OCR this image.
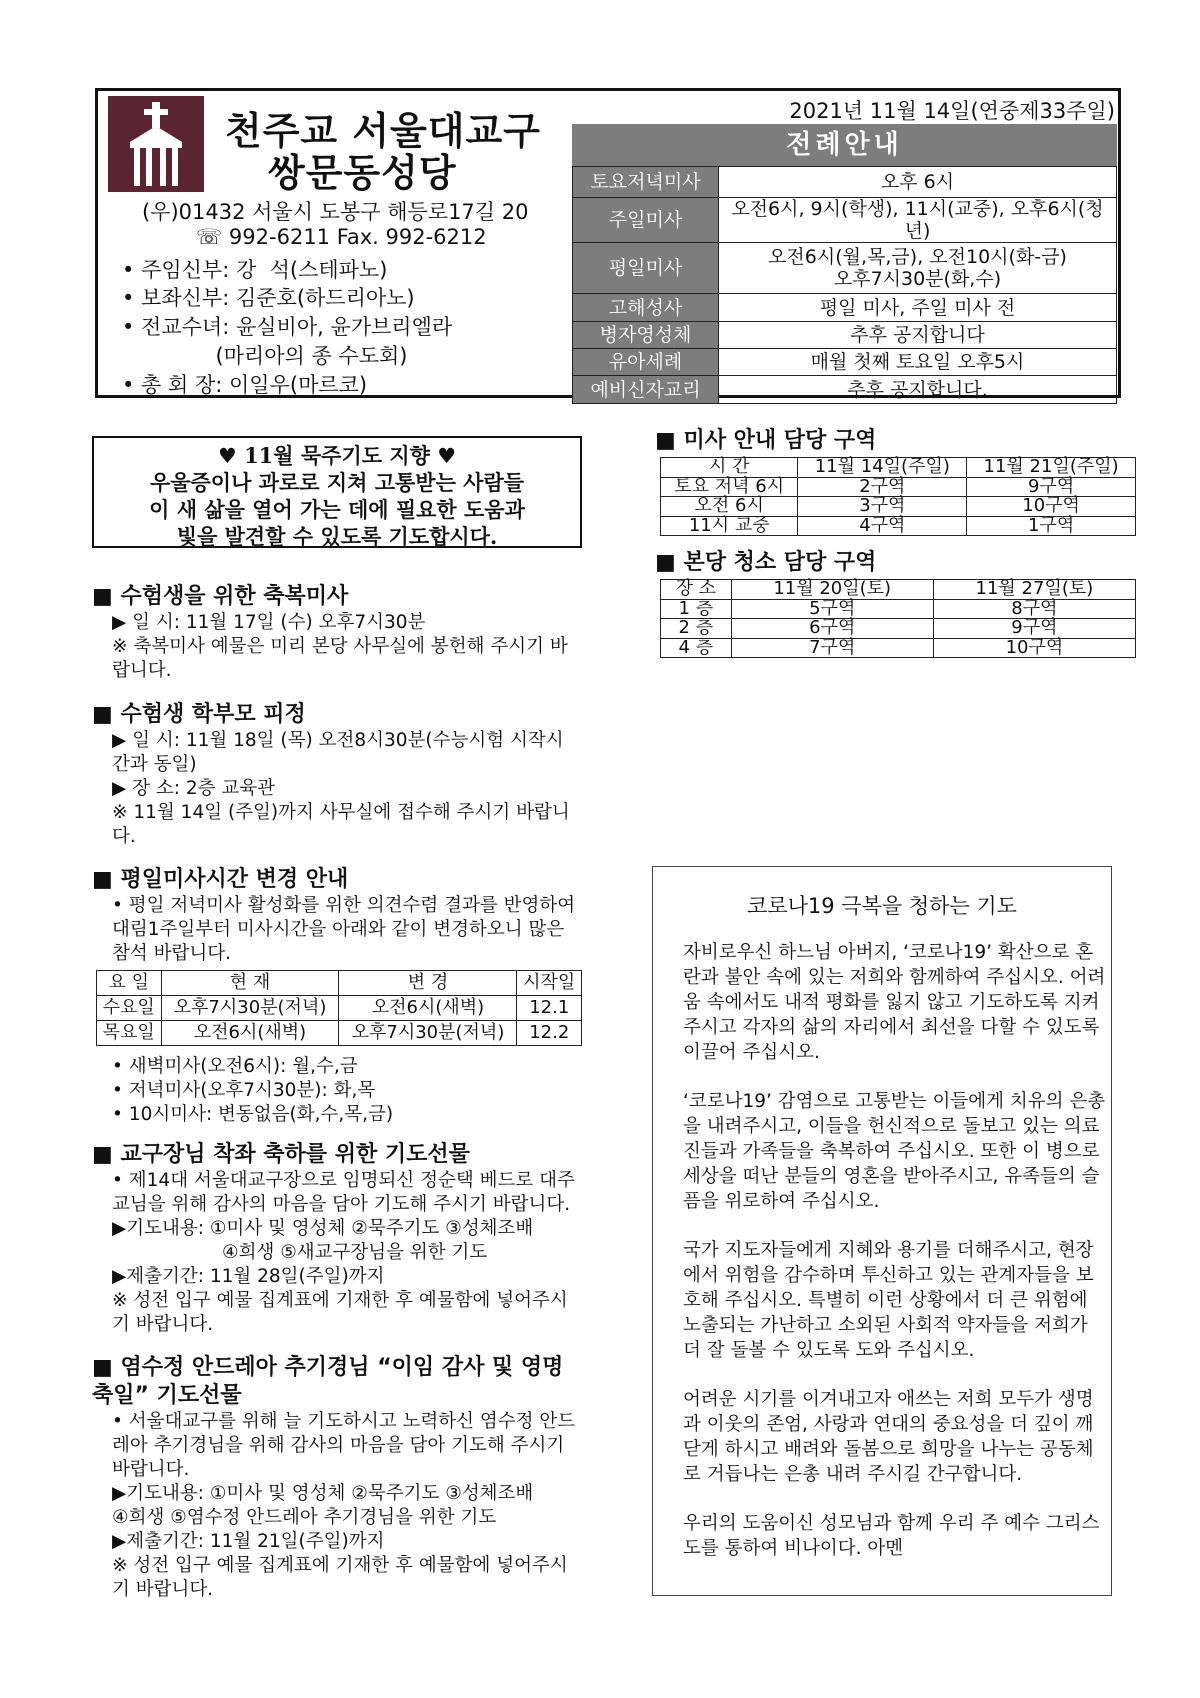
천주교 서울대교구
쌍문동성당
(우)01432 서울시 도봉구 해등로17길 20
☏ 992-6211 Fax. 992-6212
• 주임신부: 강  석(스테파노)
• 보좌신부: 김준호(하드리아노)
• 전교수녀: 윤실비아, 윤가브리엘라
(마리아의 종 수도회)
• 총 회 장: 이일우(마르코)
2021년 11월 14일(연중제33주일)
전례안내
토요저녁미사	오후 6시
주일미사	오전6시, 9시(학생), 11시(교중), 오후6시(청년)
평일미사	오전6시(월,목,금), 오전10시(화-금)
오후7시30분(화,수)

고해성사	평일 미사, 주일 미사 전
병자영성체	추후 공지합니다
유아세례	매월 첫째 토요일 오후5시
예비신자교리	추후 공지합니다.
♥ 11월 묵주기도 지향 ♥
우울증이나 과로로 지쳐 고통받는 사람들
이 새 삶을 열어 가는 데에 필요한 도움과
빛을 발견할 수 있도록 기도합시다.
■ 수험생을 위한 축복미사
▶ 일 시: 11월 17일 (수) 오후7시30분
※ 축복미사 예물은 미리 본당 사무실에 봉헌해 주시기 바랍니다.
■ 수험생 학부모 피정
▶ 일 시: 11월 18일 (목) 오전8시30분(수능시험 시작시간과 동일)
▶ 장 소: 2층 교육관
※ 11월 14일 (주일)까지 사무실에 접수해 주시기 바랍니다.
■ 평일미사시간 변경 안내
• 평일 저녁미사 활성화를 위한 의견수렴 결과를 반영하여 대림1주일부터 미사시간을 아래와 같이 변경하오니 많은 참석 바랍니다.
요 일	현 재	변 경	시작일
수요일	오후7시30분(저녁)	오전6시(새벽)	12.1
목요일	오전6시(새벽)	오후7시30분(저녁)	12.2
• 새벽미사(오전6시): 월,수,금
• 저녁미사(오후7시30분): 화,목
• 10시미사: 변동없음(화,수,목,금)
■ 교구장님 착좌 축하를 위한 기도선물
• 제14대 서울대교구장으로 임명되신 정순택 베드로 대주교님을 위해 감사의 마음을 담아 기도해 주시기 바랍니다.
▶기도내용: ①미사 및 영성체 ②묵주기도 ③성체조배
④희생 ⑤새교구장님을 위한 기도
▶제출기간: 11월 28일(주일)까지
※ 성전 입구 예물 집계표에 기재한 후 예물함에 넣어주시기 바랍니다.
■ 염수정 안드레아 추기경님 “이임 감사 및 영명축일” 기도선물
• 서울대교구를 위해 늘 기도하시고 노력하신 염수정 안드레아 추기경님을 위해 감사의 마음을 담아 기도해 주시기 바랍니다.
▶기도내용: ①미사 및 영성체 ②묵주기도 ③성체조배
④희생 ⑤염수정 안드레아 추기경님을 위한 기도
▶제출기간: 11월 21일(주일)까지
※ 성전 입구 예물 집계표에 기재한 후 예물함에 넣어주시기 바랍니다.
■ 미사 안내 담당 구역
시 간	11월 14일(주일)	11월 21일(주일)
토요 저녁 6시	2구역	9구역
오전 6시	3구역	10구역
11시 교중	4구역	1구역
■ 본당 청소 담당 구역
장 소	11월 20일(토)	11월 27일(토)
1 층	5구역	8구역
2 층	6구역	9구역
4 층	7구역	10구역
코로나19 극복을 청하는 기도

자비로우신 하느님 아버지, ‘코로나19’ 확산으로 혼란과 불안 속에 있는 저희와 함께하여 주십시오. 어려움 속에서도 내적 평화를 잃지 않고 기도하도록 지켜주시고 각자의 삶의 자리에서 최선을 다할 수 있도록 이끌어 주십시오.

‘코로나19’ 감염으로 고통받는 이들에게 치유의 은총을 내려주시고, 이들을 헌신적으로 돌보고 있는 의료진들과 가족들을 축복하여 주십시오. 또한 이 병으로 세상을 떠난 분들의 영혼을 받아주시고, 유족들의 슬픔을 위로하여 주십시오.

국가 지도자들에게 지혜와 용기를 더해주시고, 현장에서 위험을 감수하며 투신하고 있는 관계자들을 보호해 주십시오. 특별히 이런 상황에서 더 큰 위험에 노출되는 가난하고 소외된 사회적 약자들을 저희가 더 잘 돌볼 수 있도록 도와 주십시오.

어려운 시기를 이겨내고자 애쓰는 저희 모두가 생명과 이웃의 존엄, 사랑과 연대의 중요성을 더 깊이 깨닫게 하시고 배려와 돌봄으로 희망을 나누는 공동체로 거듭나는 은총 내려 주시길 간구합니다.

우리의 도움이신 성모님과 함께 우리 주 예수 그리스도를 통하여 비나이다. 아멘
